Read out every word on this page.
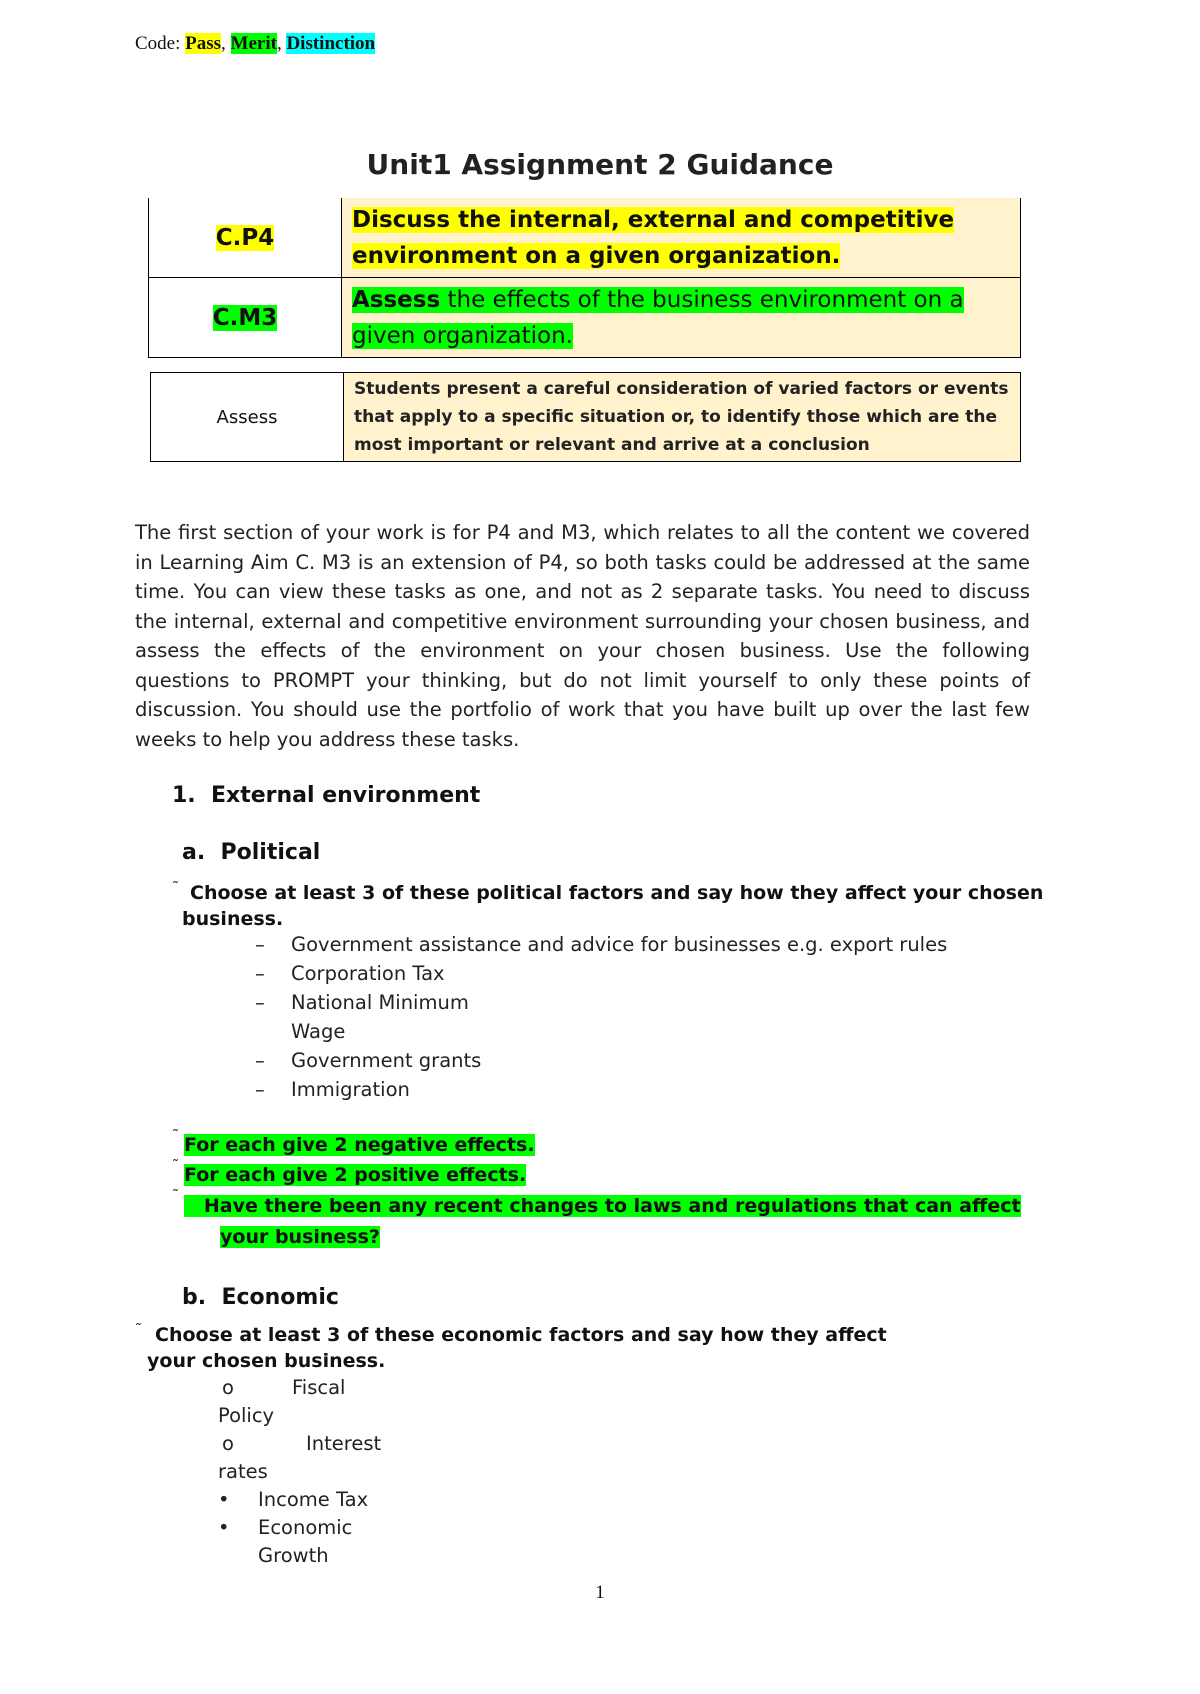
Code: Pass, Merit, Distinction
Unit1 Assignment 2 Guidance
C.P4	Discuss the internal, external and competitive environment on a given organization.
C.M3	Assess the effects of the business environment on a given organization.
Assess	Students present a careful consideration of varied factors or events that apply to a specific situation or, to identify those which are the most important or relevant and arrive at a conclusion
The first section of your work is for P4 and M3, which relates to all the content we covered in Learning Aim C. M3 is an extension of P4, so both tasks could be addressed at the same time. You can view these tasks as one, and not as 2 separate tasks. You need to discuss the internal, external and competitive environment surrounding your chosen business, and assess the effects of the environment on your chosen business. Use the following questions to PROMPT your thinking, but do not limit yourself to only these points of discussion. You should use the portfolio of work that you have built up over the last few weeks to help you address these tasks.
1. External environment
a. Political
˜ Choose at least 3 of these political factors and say how they affect your chosen
business.
–	Government assistance and advice for businesses e.g. export rules
–	Corporation Tax
–	National Minimum
Wage
–	Government grants
–	Immigration
˜ For each give 2 negative effects.
˜ For each give 2 positive effects.
˜	Have there been any recent changes to laws and regulations that can affect
your business?
b. Economic
˜ Choose at least 3 of these economic factors and say how they affect
your chosen business.
o	Fiscal
Policy
o	Interest
rates
•	Income Tax
•	Economic
Growth
1
